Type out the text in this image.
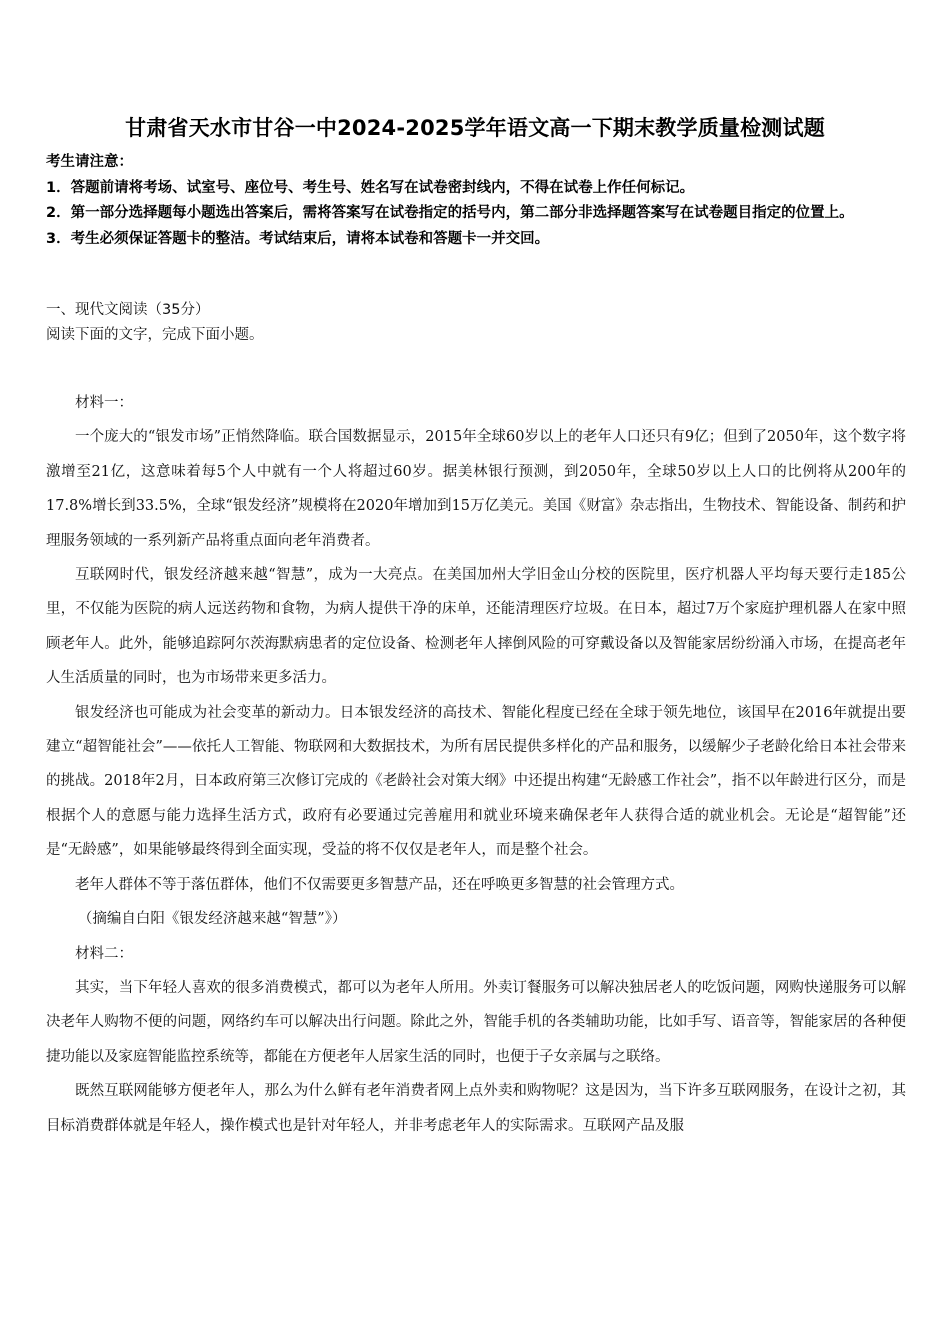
甘肃省天水市甘谷一中2024-2025学年语文高一下期末教学质量检测试题
考生请注意：
1．答题前请将考场、试室号、座位号、考生号、姓名写在试卷密封线内，不得在试卷上作任何标记。
2．第一部分选择题每小题选出答案后，需将答案写在试卷指定的括号内，第二部分非选择题答案写在试卷题目指定的位置上。
3．考生必须保证答题卡的整洁。考试结束后，请将本试卷和答题卡一并交回。
一、现代文阅读（35分）
阅读下面的文字，完成下面小题。

材料一：

一个庞大的“银发市场”正悄然降临。联合国数据显示，2015年全球60岁以上的老年人口还只有9亿；但到了2050年，这个数字将激增至21亿，这意味着每5个人中就有一个人将超过60岁。据美林银行预测，到2050年，全球50岁以上人口的比例将从200年的17.8%增长到33.5%，全球“银发经济”规模将在2020年增加到15万亿美元。美国《财富》杂志指出，生物技术、智能设备、制药和护理服务领域的一系列新产品将重点面向老年消费者。

互联网时代，银发经济越来越“智慧”，成为一大亮点。在美国加州大学旧金山分校的医院里，医疗机器人平均每天要行走185公里，不仅能为医院的病人远送药物和食物，为病人提供干净的床单，还能清理医疗垃圾。在日本，超过7万个家庭护理机器人在家中照顾老年人。此外，能够追踪阿尔茨海默病患者的定位设备、检测老年人摔倒风险的可穿戴设备以及智能家居纷纷涌入市场，在提高老年人生活质量的同时，也为市场带来更多活力。

银发经济也可能成为社会变革的新动力。日本银发经济的高技术、智能化程度已经在全球于领先地位，该国早在2016年就提出要建立“超智能社会”——依托人工智能、物联网和大数据技术，为所有居民提供多样化的产品和服务，以缓解少子老龄化给日本社会带来的挑战。2018年2月，日本政府第三次修订完成的《老龄社会对策大纲》中还提出构建“无龄感工作社会”，指不以年龄进行区分，而是根据个人的意愿与能力选择生活方式，政府有必要通过完善雇用和就业环境来确保老年人获得合适的就业机会。无论是“超智能”还是“无龄感”，如果能够最终得到全面实现，受益的将不仅仅是老年人，而是整个社会。

老年人群体不等于落伍群体，他们不仅需要更多智慧产品，还在呼唤更多智慧的社会管理方式。

（摘编自白阳《银发经济越来越“智慧”》）

材料二：

其实，当下年轻人喜欢的很多消费模式，都可以为老年人所用。外卖订餐服务可以解决独居老人的吃饭问题，网购快递服务可以解决老年人购物不便的问题，网络约车可以解决出行问题。除此之外，智能手机的各类辅助功能，比如手写、语音等，智能家居的各种便捷功能以及家庭智能监控系统等，都能在方便老年人居家生活的同时，也便于子女亲属与之联络。

既然互联网能够方便老年人，那么为什么鲜有老年消费者网上点外卖和购物呢？这是因为，当下许多互联网服务，在设计之初，其目标消费群体就是年轻人，操作模式也是针对年轻人，并非考虑老年人的实际需求。互联网产品及服
